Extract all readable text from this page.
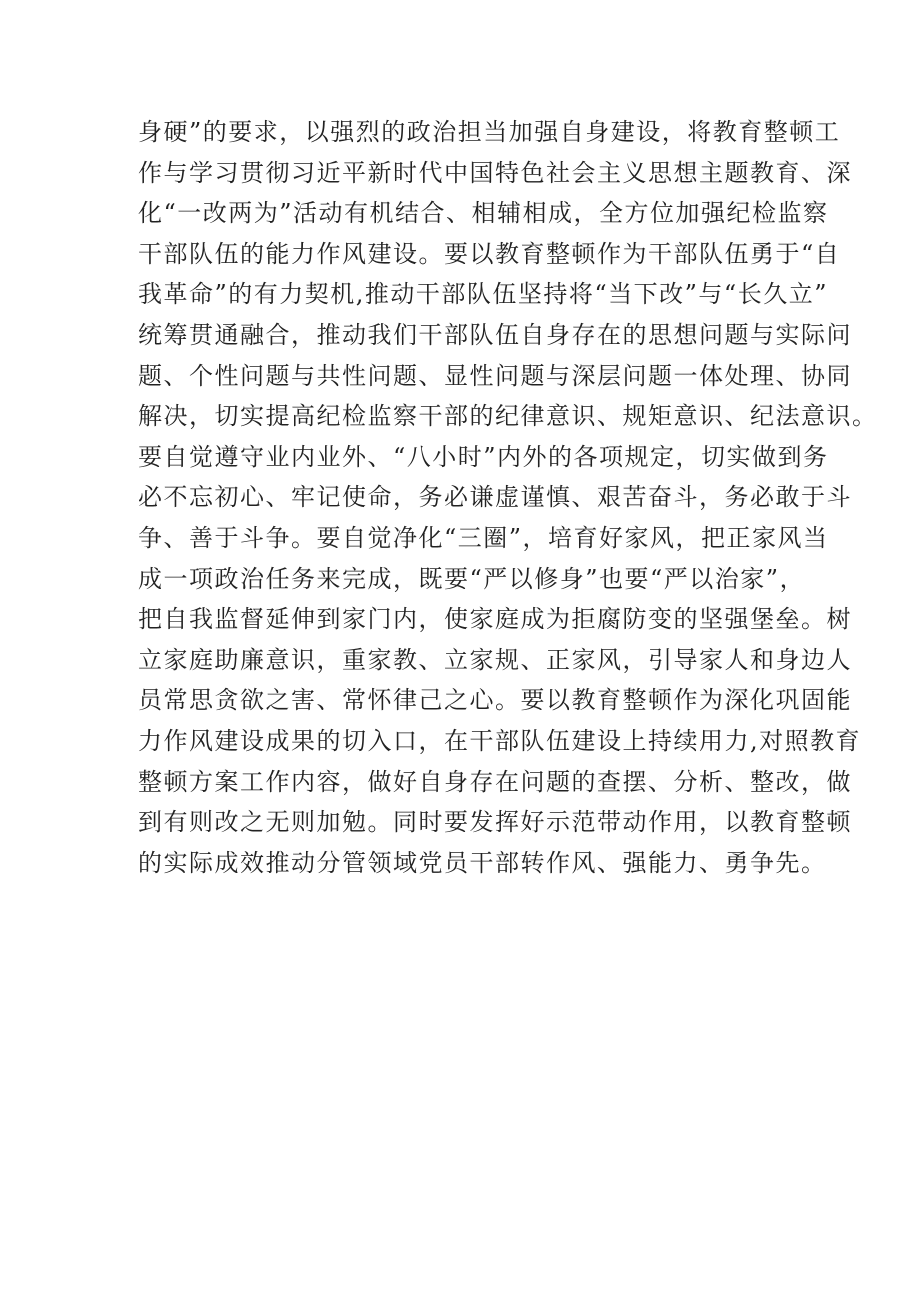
身硬”的要求，以强烈的政治担当加强自身建设，将教育整顿工
作与学习贯彻习近平新时代中国特色社会主义思想主题教育、深
化“一改两为”活动有机结合、相辅相成，全方位加强纪检监察
干部队伍的能力作风建设。要以教育整顿作为干部队伍勇于“自
我革命”的有力契机,推动干部队伍坚持将“当下改”与“长久立”
统筹贯通融合，推动我们干部队伍自身存在的思想问题与实际问
题、个性问题与共性问题、显性问题与深层问题一体处理、协同
解决，切实提高纪检监察干部的纪律意识、规矩意识、纪法意识。
要自觉遵守业内业外、“八小时”内外的各项规定，切实做到务
必不忘初心、牢记使命，务必谦虚谨慎、艰苦奋斗，务必敢于斗
争、善于斗争。要自觉净化“三圈”，培育好家风，把正家风当
成一项政治任务来完成，既要“严以修身”也要“严以治家”，
把自我监督延伸到家门内，使家庭成为拒腐防变的坚强堡垒。树
立家庭助廉意识，重家教、立家规、正家风，引导家人和身边人
员常思贪欲之害、常怀律己之心。要以教育整顿作为深化巩固能
力作风建设成果的切入口，在干部队伍建设上持续用力,对照教育
整顿方案工作内容，做好自身存在问题的查摆、分析、整改，做
到有则改之无则加勉。同时要发挥好示范带动作用，以教育整顿
的实际成效推动分管领域党员干部转作风、强能力、勇争先。
